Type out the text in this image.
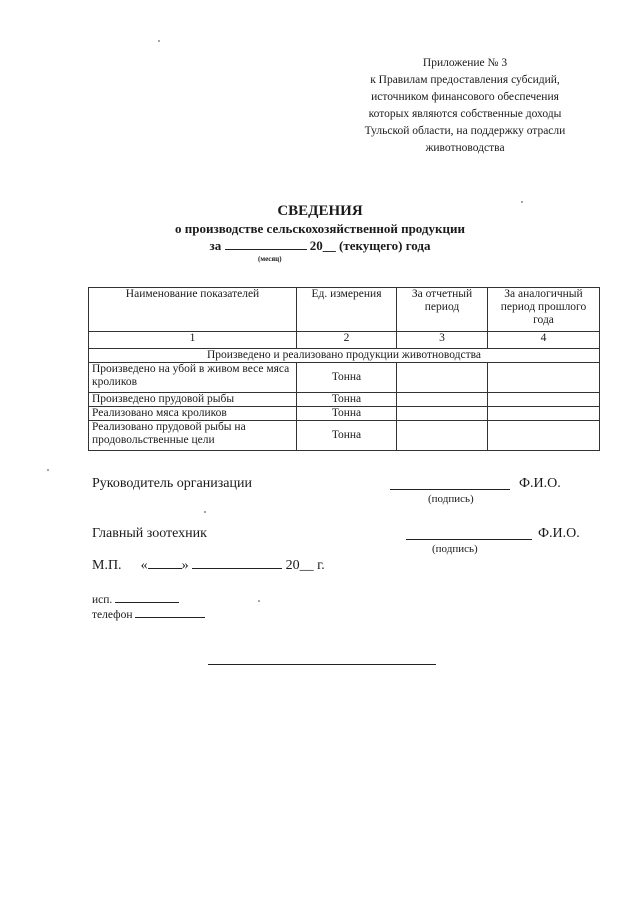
Приложение № 3
к Правилам предоставления субсидий,
источником финансового обеспечения
которых являются собственные доходы
Тульской области, на поддержку отрасли
животноводства
СВЕДЕНИЯ
о производстве сельскохозяйственной продукции
за	20__ (текущего) года
(месяц)
Наименование показателей	Ед. измерения	За отчетный период	За аналогичный период прошлого года
1	2	3	4
Произведено и реализовано продукции животноводства			
Произведено на убой в живом весе мяса кроликов	Тонна		
Произведено прудовой рыбы	Тонна		
Реализовано мяса кроликов	Тонна		
Реализовано прудовой рыбы на продовольственные цели	Тонна		
Руководитель организации	Ф.И.О.
(подпись)
Главный зоотехник	Ф.И.О.
(подпись)
М.П. « »	20__ г.
исп.
телефон
